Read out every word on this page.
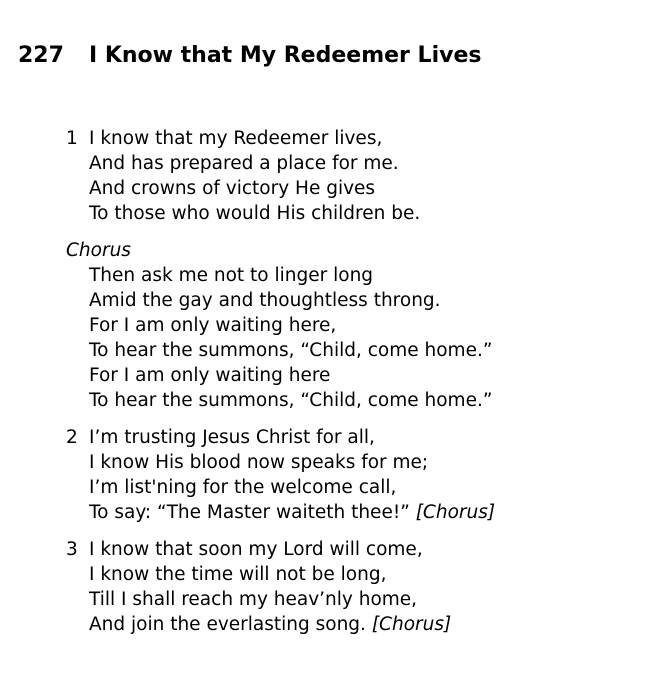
227 I Know that My Redeemer Lives
1 I know that my Redeemer lives,
And has prepared a place for me.
And crowns of victory He gives
To those who would His children be.
Chorus
Then ask me not to linger long
Amid the gay and thoughtless throng.
For I am only waiting here,
To hear the summons, “Child, come home.”
For I am only waiting here
To hear the summons, “Child, come home.”
2 I’m trusting Jesus Christ for all,
I know His blood now speaks for me;
I’m list'ning for the welcome call,
To say: “The Master waiteth thee!” [Chorus]
3 I know that soon my Lord will come,
I know the time will not be long,
Till I shall reach my heav’nly home,
And join the everlasting song. [Chorus]
